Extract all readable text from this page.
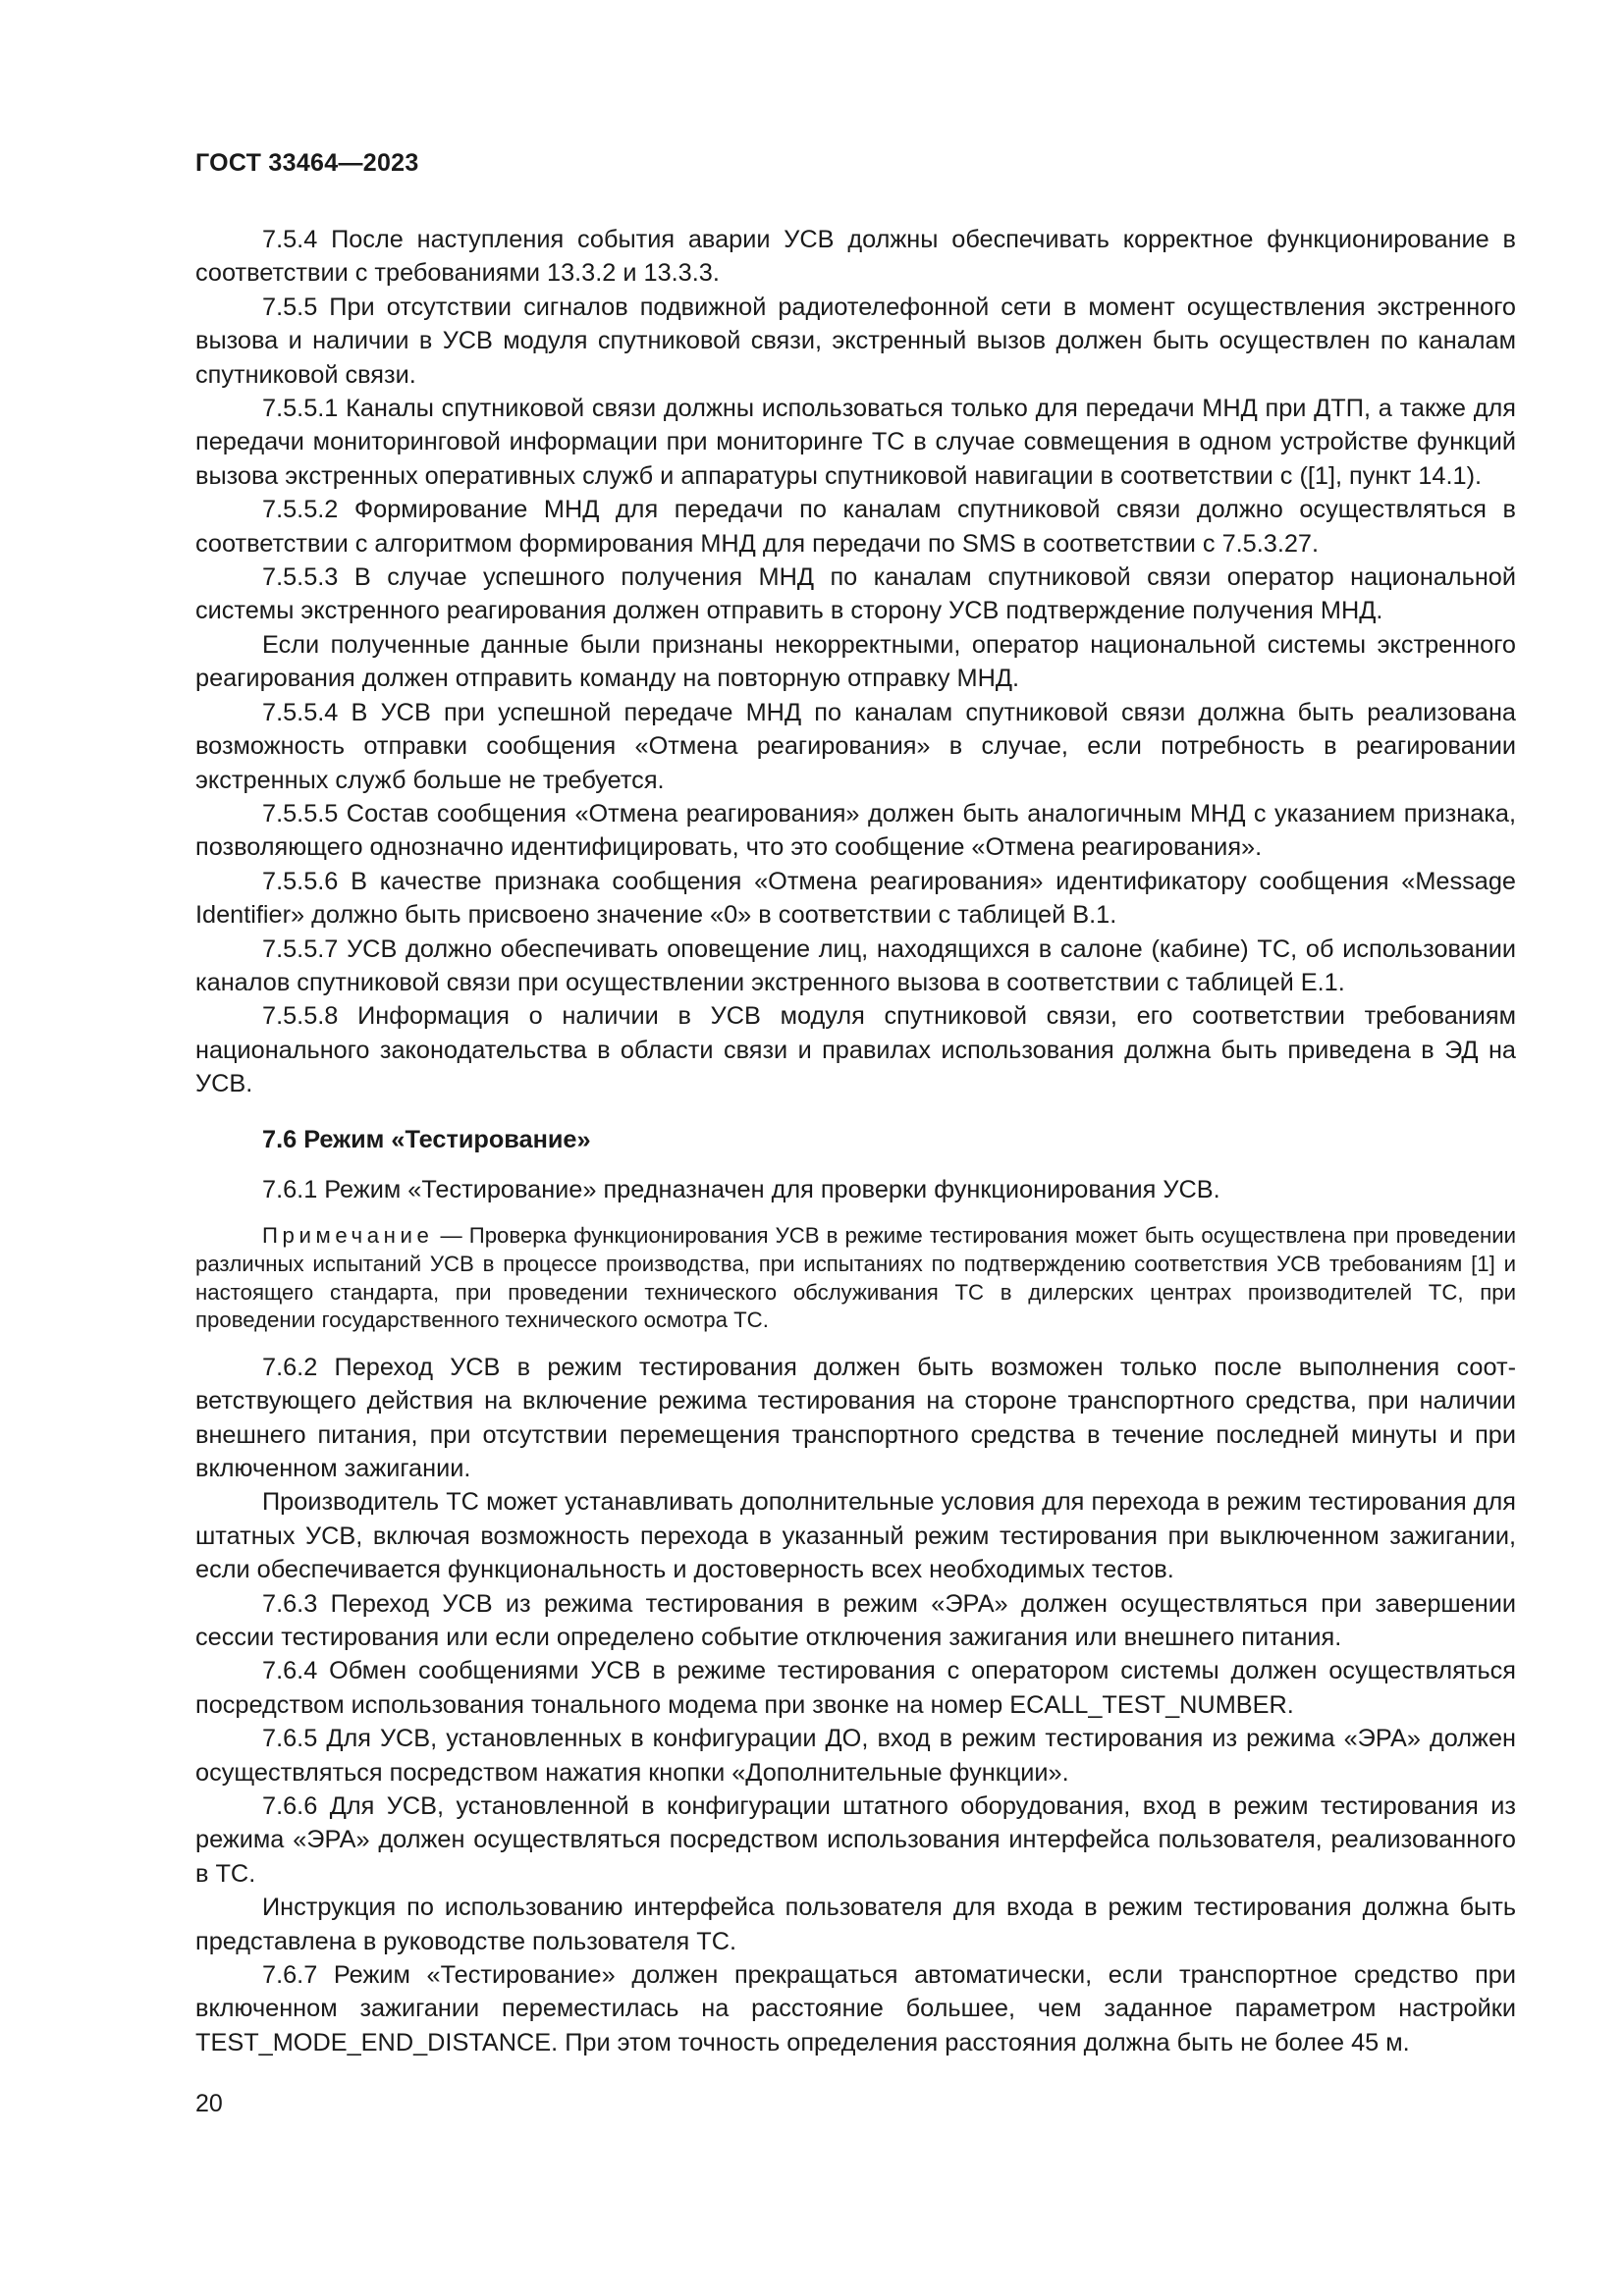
ГОСТ 33464—2023

7.5.4 После наступления события аварии УСВ должны обеспечивать корректное функционирование в соответствии с требованиями 13.3.2 и 13.3.3.

7.5.5 При отсутствии сигналов подвижной радиотелефонной сети в момент осуществления экстренного вызова и наличии в УСВ модуля спутниковой связи, экстренный вызов должен быть осуществлен по каналам спутниковой связи.

7.5.5.1 Каналы спутниковой связи должны использоваться только для передачи МНД при ДТП, а также для передачи мониторинговой информации при мониторинге ТС в случае совмещения в одном устройстве функций вызова экстренных оперативных служб и аппаратуры спутниковой навигации в соответствии с ([1], пункт 14.1).

7.5.5.2 Формирование МНД для передачи по каналам спутниковой связи должно осуществляться в соответствии с алгоритмом формирования МНД для передачи по SMS в соответствии с 7.5.3.27.

7.5.5.3 В случае успешного получения МНД по каналам спутниковой связи оператор национальной системы экстренного реагирования должен отправить в сторону УСВ подтверждение получения МНД.

Если полученные данные были признаны некорректными, оператор национальной системы экстренного реагирования должен отправить команду на повторную отправку МНД.

7.5.5.4 В УСВ при успешной передаче МНД по каналам спутниковой связи должна быть реализована возможность отправки сообщения «Отмена реагирования» в случае, если потребность в реагировании экстренных служб больше не требуется.

7.5.5.5 Состав сообщения «Отмена реагирования» должен быть аналогичным МНД с указанием признака, позволяющего однозначно идентифицировать, что это сообщение «Отмена реагирования».

7.5.5.6 В качестве признака сообщения «Отмена реагирования» идентификатору сообщения «Message Identifier» должно быть присвоено значение «0» в соответствии с таблицей В.1.

7.5.5.7 УСВ должно обеспечивать оповещение лиц, находящихся в салоне (кабине) ТС, об использовании каналов спутниковой связи при осуществлении экстренного вызова в соответствии с таблицей Е.1.

7.5.5.8 Информация о наличии в УСВ модуля спутниковой связи, его соответствии требованиям национального законодательства в области связи и правилах использования должна быть приведена в ЭД на УСВ.

7.6 Режим «Тестирование»

7.6.1 Режим «Тестирование» предназначен для проверки функционирования УСВ.

Примечание — Проверка функционирования УСВ в режиме тестирования может быть осуществлена при проведении различных испытаний УСВ в процессе производства, при испытаниях по подтверждению соответствия УСВ требованиям [1] и настоящего стандарта, при проведении технического обслуживания ТС в дилерских центрах производителей ТС, при проведении государственного технического осмотра ТС.

7.6.2 Переход УСВ в режим тестирования должен быть возможен только после выполнения соответствующего действия на включение режима тестирования на стороне транспортного средства, при наличии внешнего питания, при отсутствии перемещения транспортного средства в течение последней минуты и при включенном зажигании.

Производитель ТС может устанавливать дополнительные условия для перехода в режим тестирования для штатных УСВ, включая возможность перехода в указанный режим тестирования при выключенном зажигании, если обеспечивается функциональность и достоверность всех необходимых тестов.

7.6.3 Переход УСВ из режима тестирования в режим «ЭРА» должен осуществляться при завершении сессии тестирования или если определено событие отключения зажигания или внешнего питания.

7.6.4 Обмен сообщениями УСВ в режиме тестирования с оператором системы должен осуществляться посредством использования тонального модема при звонке на номер ECALL_TEST_NUMBER.

7.6.5 Для УСВ, установленных в конфигурации ДО, вход в режим тестирования из режима «ЭРА» должен осуществляться посредством нажатия кнопки «Дополнительные функции».

7.6.6 Для УСВ, установленной в конфигурации штатного оборудования, вход в режим тестирования из режима «ЭРА» должен осуществляться посредством использования интерфейса пользователя, реализованного в ТС.

Инструкция по использованию интерфейса пользователя для входа в режим тестирования должна быть представлена в руководстве пользователя ТС.

7.6.7 Режим «Тестирование» должен прекращаться автоматически, если транспортное средство при включенном зажигании переместилась на расстояние большее, чем заданное параметром настройки TEST_MODE_END_DISTANCE. При этом точность определения расстояния должна быть не более 45 м.

20
